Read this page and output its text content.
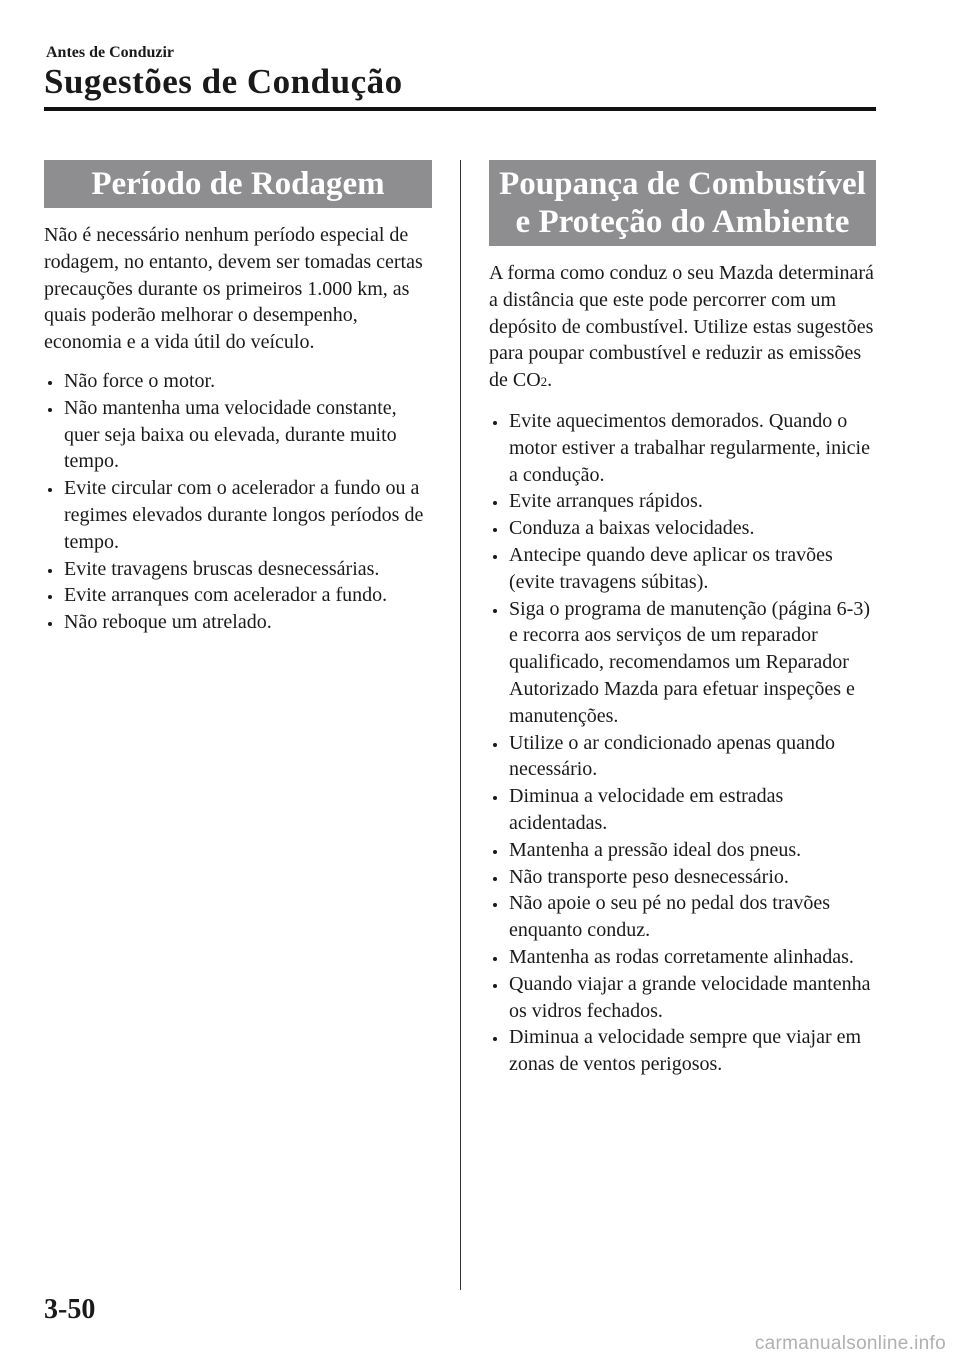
Antes de Conduzir
Sugestões de Condução
Período de Rodagem

Não é necessário nenhum período especial de rodagem, no entanto, devem ser tomadas certas precauções durante os primeiros 1.000 km, as quais poderão melhorar o desempenho, economia e a vida útil do veículo.

Não force o motor.
Não mantenha uma velocidade constante, quer seja baixa ou elevada, durante muito tempo.
Evite circular com o acelerador a fundo ou a regimes elevados durante longos períodos de tempo.
Evite travagens bruscas desnecessárias.
Evite arranques com acelerador a fundo.
Não reboque um atrelado.
Poupança de Combustível
e Proteção do Ambiente

A forma como conduz o seu Mazda determinará a distância que este pode percorrer com um depósito de combustível. Utilize estas sugestões para poupar combustível e reduzir as emissões de CO2.

Evite aquecimentos demorados. Quando o motor estiver a trabalhar regularmente, inicie a condução.
Evite arranques rápidos.
Conduza a baixas velocidades.
Antecipe quando deve aplicar os travões (evite travagens súbitas).
Siga o programa de manutenção (página 6-3) e recorra aos serviços de um reparador qualificado, recomendamos um Reparador Autorizado Mazda para efetuar inspeções e manutenções.
Utilize o ar condicionado apenas quando necessário.
Diminua a velocidade em estradas acidentadas.
Mantenha a pressão ideal dos pneus.
Não transporte peso desnecessário.
Não apoie o seu pé no pedal dos travões enquanto conduz.
Mantenha as rodas corretamente alinhadas.
Quando viajar a grande velocidade mantenha os vidros fechados.
Diminua a velocidade sempre que viajar em zonas de ventos perigosos.
3-50
carmanualsonline.info
